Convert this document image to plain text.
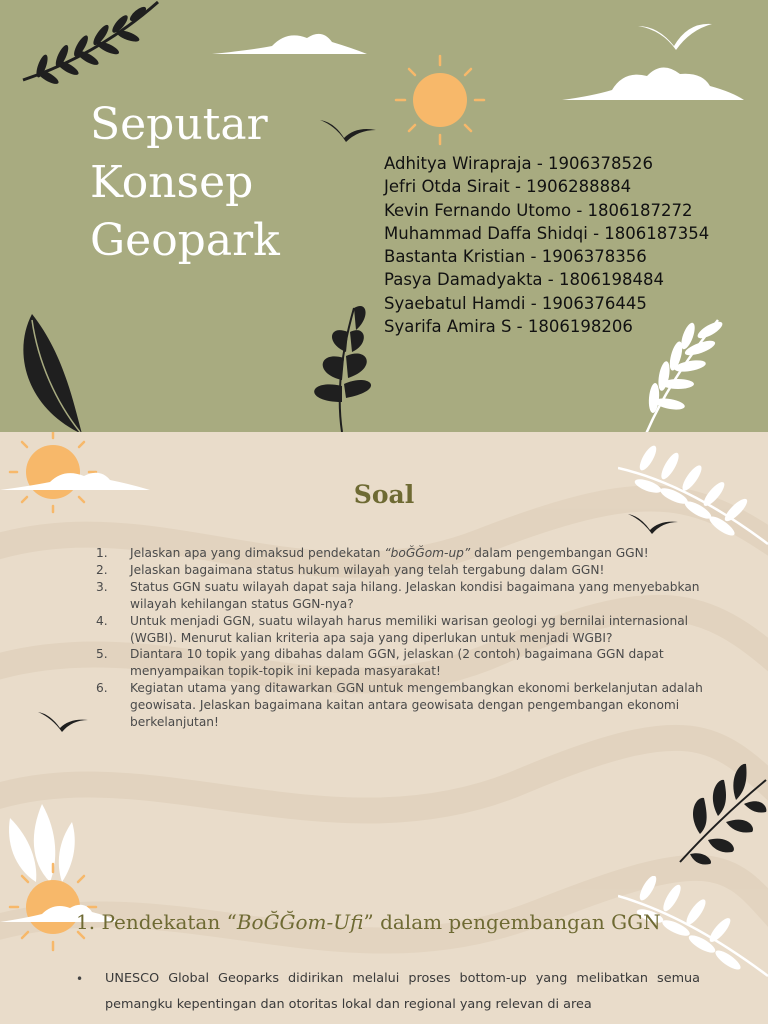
Seputar
Konsep
Geopark
Adhitya Wirapraja - 1906378526
Jefri Otda Sirait - 1906288884
Kevin Fernando Utomo - 1806187272
Muhammad Daffa Shidqi - 1806187354
Bastanta Kristian - 1906378356
Pasya Damadyakta - 1806198484
Syaebatul Hamdi - 1906376445
Syarifa Amira S - 1806198206
Soal
1.	Jelaskan apa yang dimaksud pendekatan “boĞĞom-up” dalam pengembangan GGN!
2.	Jelaskan bagaimana status hukum wilayah yang telah tergabung dalam GGN!
3.	Status GGN suatu wilayah dapat saja hilang. Jelaskan kondisi bagaimana yang menyebabkan wilayah kehilangan status GGN-nya?
4.	Untuk menjadi GGN, suatu wilayah harus memiliki warisan geologi yg bernilai internasional (WGBI). Menurut kalian kriteria apa saja yang diperlukan untuk menjadi WGBI?
5.	Diantara 10 topik yang dibahas dalam GGN, jelaskan (2 contoh) bagaimana GGN dapat menyampaikan topik-topik ini kepada masyarakat!
6.	Kegiatan utama yang ditawarkan GGN untuk mengembangkan ekonomi berkelanjutan adalah geowisata. Jelaskan bagaimana kaitan antara geowisata dengan pengembangan ekonomi berkelanjutan!
1. Pendekatan “BoĞĞom-Ufi” dalam pengembangan GGN
• UNESCO Global Geoparks didirikan melalui proses bottom-up yang melibatkan semua pemangku kepentingan dan otoritas lokal dan regional yang relevan di area
